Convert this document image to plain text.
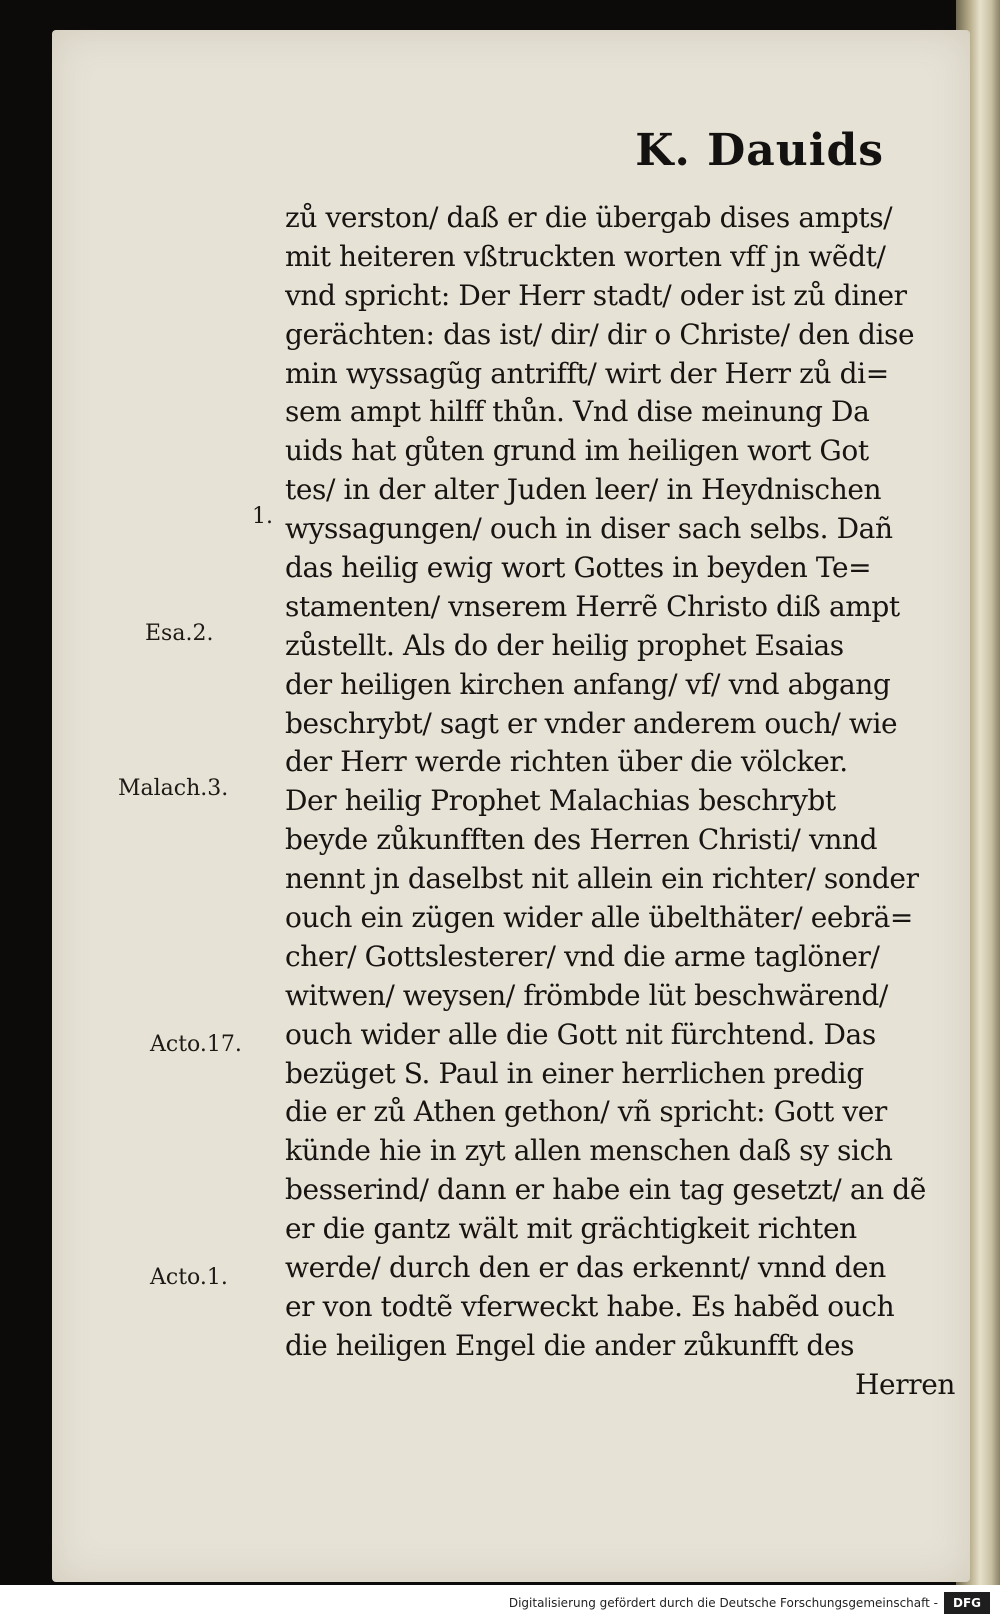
K. Dauids
zů verston/ daß er die übergab dises ampts/
mit heiteren vßtruckten worten vff jn wẽdt/
vnd spricht: Der Herr stadt/ oder ist zů diner
gerächten: das ist/ dir/ dir o Christe/ den dise
min wyssagũg antrifft/ wirt der Herr zů di=
sem ampt hilff thůn. Vnd dise meinung Da
uids hat gůten grund im heiligen wort Got
tes/ in der alter Juden leer/ in Heydnischen
wyssagungen/ ouch in diser sach selbs. Dañ
das heilig ewig wort Gottes in beyden Te=
stamenten/ vnserem Herrẽ Christo diß ampt
zůstellt. Als do der heilig prophet Esaias
der heiligen kirchen anfang/ vf/ vnd abgang
beschrybt/ sagt er vnder anderem ouch/ wie
der Herr werde richten über die völcker.
Der heilig Prophet Malachias beschrybt
beyde zůkunfften des Herren Christi/ vnnd
nennt jn daselbst nit allein ein richter/ sonder
ouch ein zügen wider alle übelthäter/ eebrä=
cher/ Gottslesterer/ vnd die arme taglöner/
witwen/ weysen/ frömbde lüt beschwärend/
ouch wider alle die Gott nit fürchtend. Das
bezüget S. Paul in einer herrlichen predig
die er zů Athen gethon/ vñ spricht: Gott ver
künde hie in zyt allen menschen daß sy sich
besserind/ dann er habe ein tag gesetzt/ an dẽ
er die gantz wält mit grächtigkeit richten
werde/ durch den er das erkennt/ vnnd den
er von todtẽ vferweckt habe. Es habẽd ouch
die heiligen Engel die ander zůkunfft des
Herren

1.

Esa.2.

Malach.3.

Acto.17.

Acto.1.

Digitalisierung gefördert durch die Deutsche Forschungsgemeinschaft -	DFG
